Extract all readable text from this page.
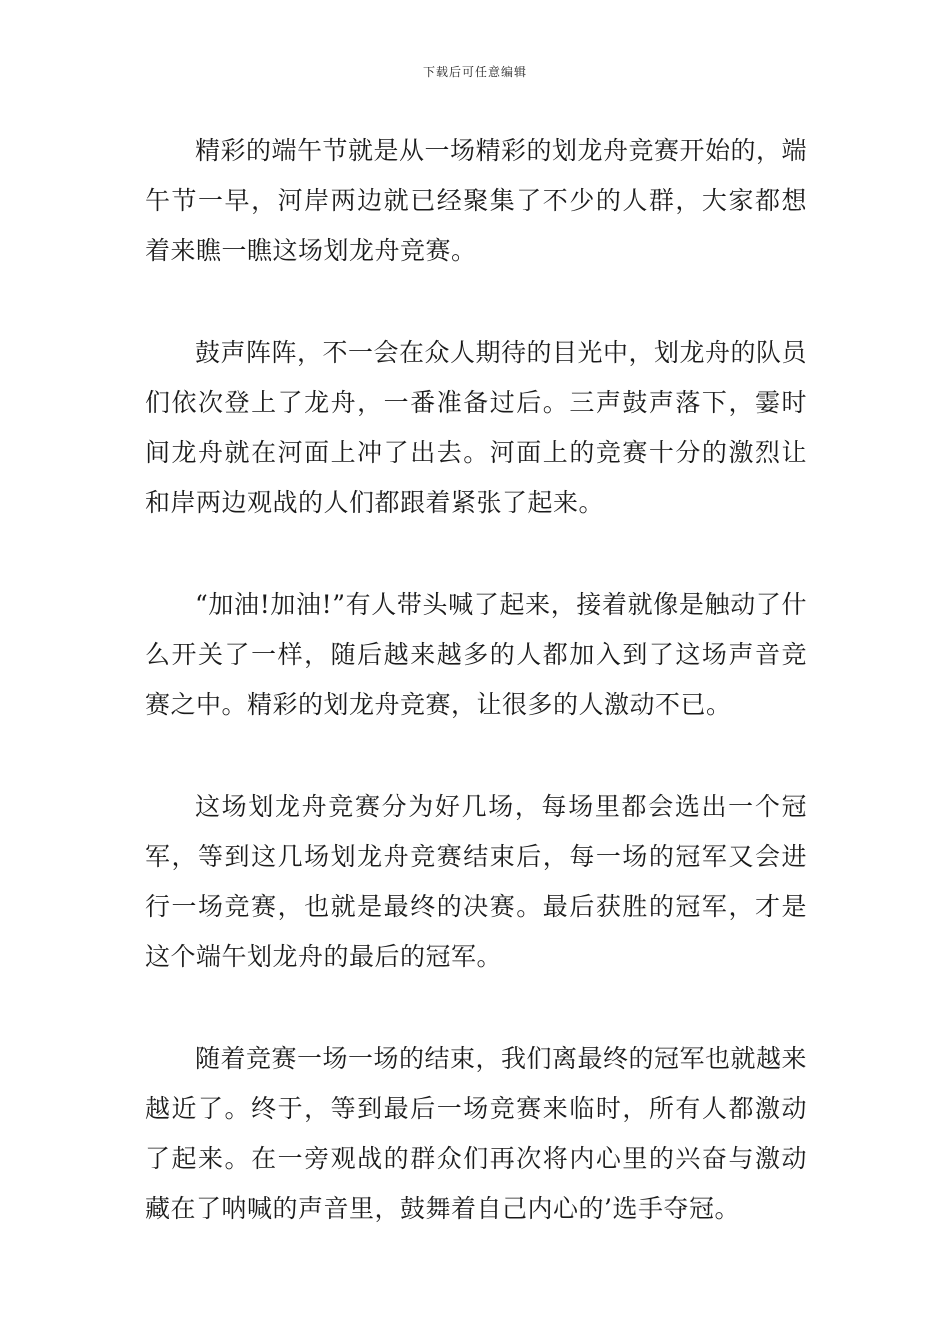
下载后可任意编辑

精彩的端午节就是从一场精彩的划龙舟竞赛开始的，端午节一早，河岸两边就已经聚集了不少的人群，大家都想着来瞧一瞧这场划龙舟竞赛。

鼓声阵阵，不一会在众人期待的目光中，划龙舟的队员们依次登上了龙舟，一番准备过后。三声鼓声落下，霎时间龙舟就在河面上冲了出去。河面上的竞赛十分的激烈让和岸两边观战的人们都跟着紧张了起来。

“加油!加油!”有人带头喊了起来，接着就像是触动了什么开关了一样，随后越来越多的人都加入到了这场声音竞赛之中。精彩的划龙舟竞赛，让很多的人激动不已。

这场划龙舟竞赛分为好几场，每场里都会选出一个冠军，等到这几场划龙舟竞赛结束后，每一场的冠军又会进行一场竞赛，也就是最终的决赛。最后获胜的冠军，才是这个端午划龙舟的最后的冠军。

随着竞赛一场一场的结束，我们离最终的冠军也就越来越近了。终于，等到最后一场竞赛来临时，所有人都激动了起来。在一旁观战的群众们再次将内心里的兴奋与激动藏在了呐喊的声音里，鼓舞着自己内心的’选手夺冠。
